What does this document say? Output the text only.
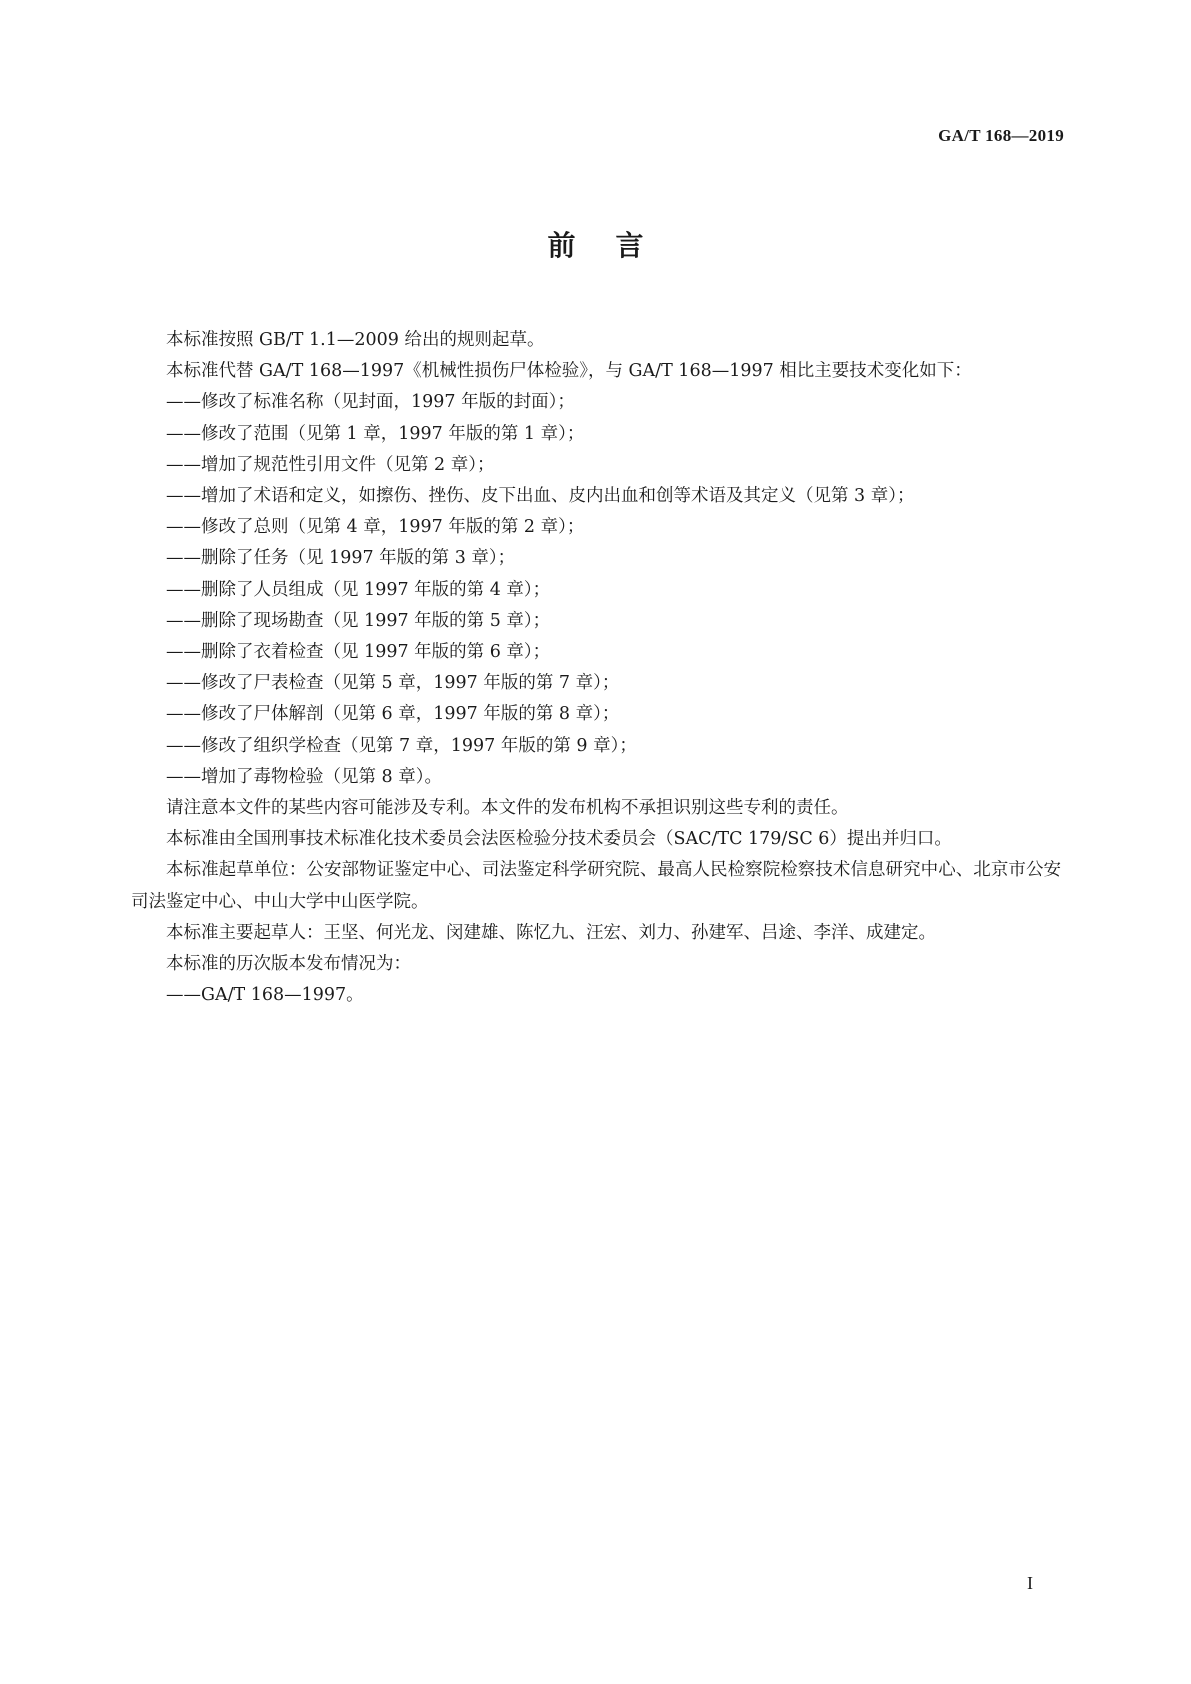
GA/T 168—2019
前言

本标准按照 GB/T 1.1—2009 给出的规则起草。

本标准代替 GA/T 168—1997《机械性损伤尸体检验》，与 GA/T 168—1997 相比主要技术变化如下：

——修改了标准名称（见封面，1997 年版的封面）；

——修改了范围（见第 1 章，1997 年版的第 1 章）；

——增加了规范性引用文件（见第 2 章）；

——增加了术语和定义，如擦伤、挫伤、皮下出血、皮内出血和创等术语及其定义（见第 3 章）；

——修改了总则（见第 4 章，1997 年版的第 2 章）；

——删除了任务（见 1997 年版的第 3 章）；

——删除了人员组成（见 1997 年版的第 4 章）；

——删除了现场勘查（见 1997 年版的第 5 章）；

——删除了衣着检查（见 1997 年版的第 6 章）；

——修改了尸表检查（见第 5 章，1997 年版的第 7 章）；

——修改了尸体解剖（见第 6 章，1997 年版的第 8 章）；

——修改了组织学检查（见第 7 章，1997 年版的第 9 章）；

——增加了毒物检验（见第 8 章）。

请注意本文件的某些内容可能涉及专利。本文件的发布机构不承担识别这些专利的责任。

本标准由全国刑事技术标准化技术委员会法医检验分技术委员会（SAC/TC 179/SC 6）提出并归口。

本标准起草单位：公安部物证鉴定中心、司法鉴定科学研究院、最高人民检察院检察技术信息研究中心、北京市公安司法鉴定中心、中山大学中山医学院。

本标准主要起草人：王坚、何光龙、闵建雄、陈忆九、汪宏、刘力、孙建军、吕途、李洋、成建定。

本标准的历次版本发布情况为：

——GA/T 168—1997。

I
